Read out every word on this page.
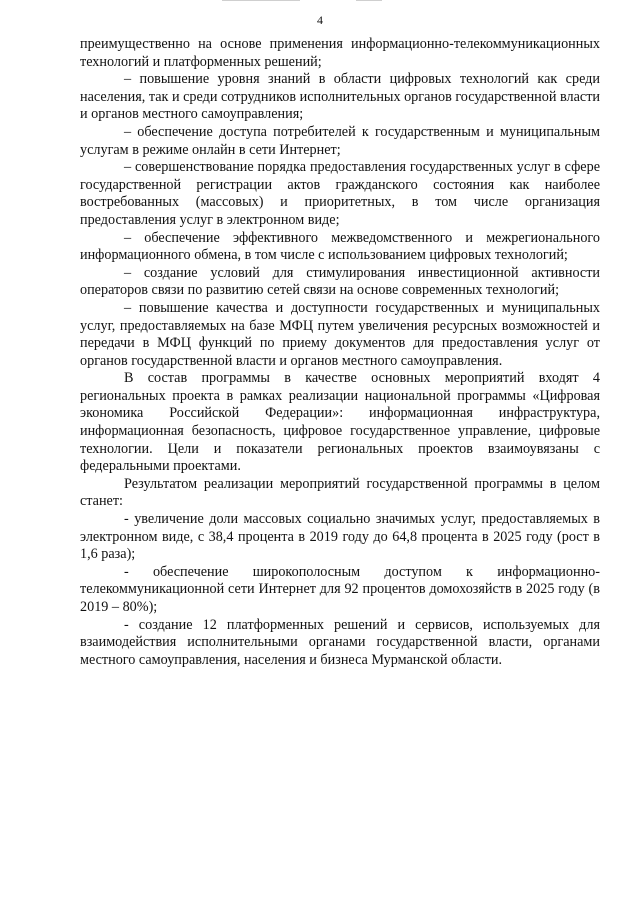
4

преимущественно на основе применения информационно-телекоммуникационных технологий и платформенных решений;

– повышение уровня знаний в области цифровых технологий как среди населения, так и среди сотрудников исполнительных органов государственной власти и органов местного самоуправления;

– обеспечение доступа потребителей к государственным и муниципальным услугам в режиме онлайн в сети Интернет;

– совершенствование порядка предоставления государственных услуг в сфере государственной регистрации актов гражданского состояния как наиболее востребованных (массовых) и приоритетных, в том числе организация предоставления услуг в электронном виде;

– обеспечение эффективного межведомственного и межрегионального информационного обмена, в том числе с использованием цифровых технологий;

– создание условий для стимулирования инвестиционной активности операторов связи по развитию сетей связи на основе современных технологий;

– повышение качества и доступности государственных и муниципальных услуг, предоставляемых на базе МФЦ путем увеличения ресурсных возможностей и передачи в МФЦ функций по приему документов для предоставления услуг от органов государственной власти и органов местного самоуправления.

В состав программы в качестве основных мероприятий входят 4 региональных проекта в рамках реализации национальной программы «Цифровая экономика Российской Федерации»: информационная инфраструктура, информационная безопасность, цифровое государственное управление, цифровые технологии. Цели и показатели региональных проектов взаимоувязаны с федеральными проектами.

Результатом реализации мероприятий государственной программы в целом станет:

- увеличение доли массовых социально значимых услуг, предоставляемых в электронном виде, с 38,4 процента в 2019 году до 64,8 процента в 2025 году (рост в 1,6 раза);

- обеспечение широкополосным доступом к информационно-телекоммуникационной сети Интернет для 92 процентов домохозяйств в 2025 году (в 2019 – 80%);

- создание 12 платформенных решений и сервисов, используемых для взаимодействия исполнительными органами государственной власти, органами местного самоуправления, населения и бизнеса Мурманской области.
